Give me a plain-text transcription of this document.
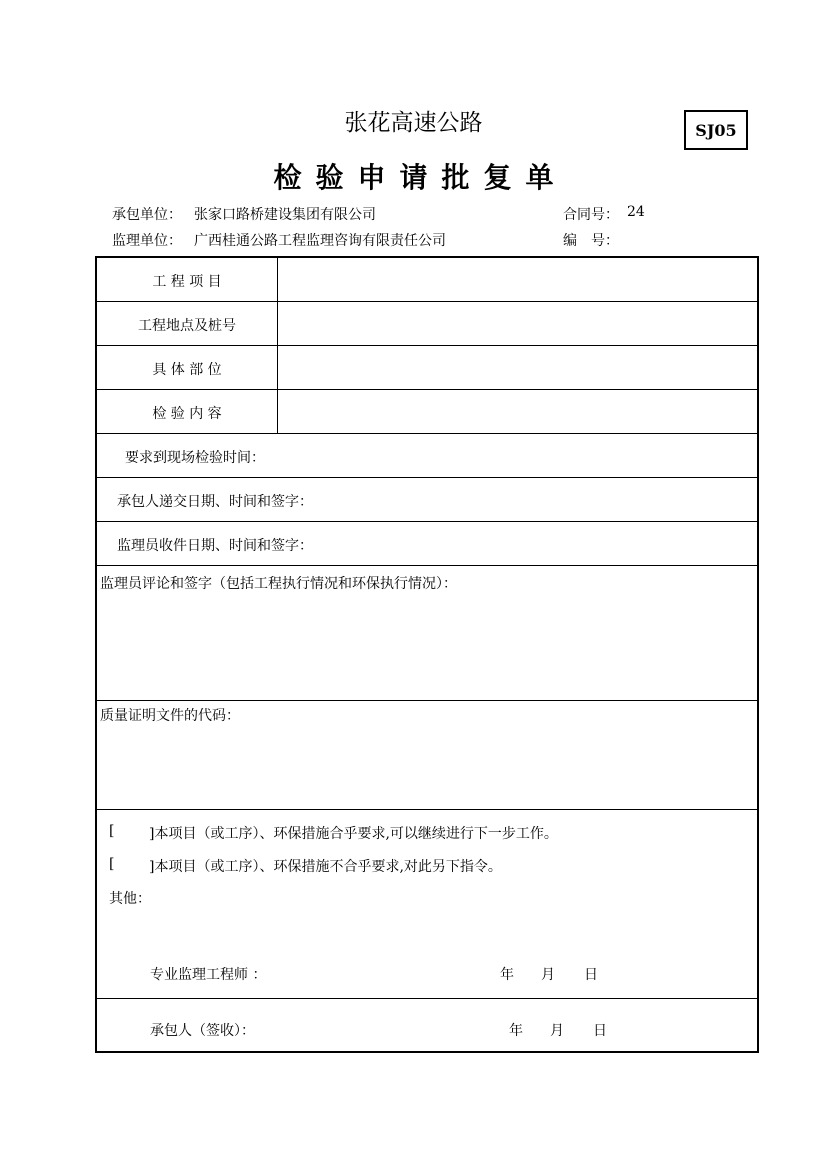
张花高速公路	SJ05
检验申请批复单
承包单位： 张家口路桥建设集团有限公司	合同号： 24
监理单位： 广西桂通公路工程监理咨询有限责任公司	编　号：
工 程 项 目
工程地点及桩号
具 体 部 位
检 验 内 容
要求到现场检验时间：
承包人递交日期、时间和签字：
监理员收件日期、时间和签字：
监理员评论和签字（包括工程执行情况和环保执行情况）：
质量证明文件的代码：
[ ]本项目（或工序）、环保措施合乎要求,可以继续进行下一步工作。
[ ]本项目（或工序）、环保措施不合乎要求,对此另下指令。
其他：
专业监理工程师 ：	年 月 日
承包人（签收）：	年 月 日
